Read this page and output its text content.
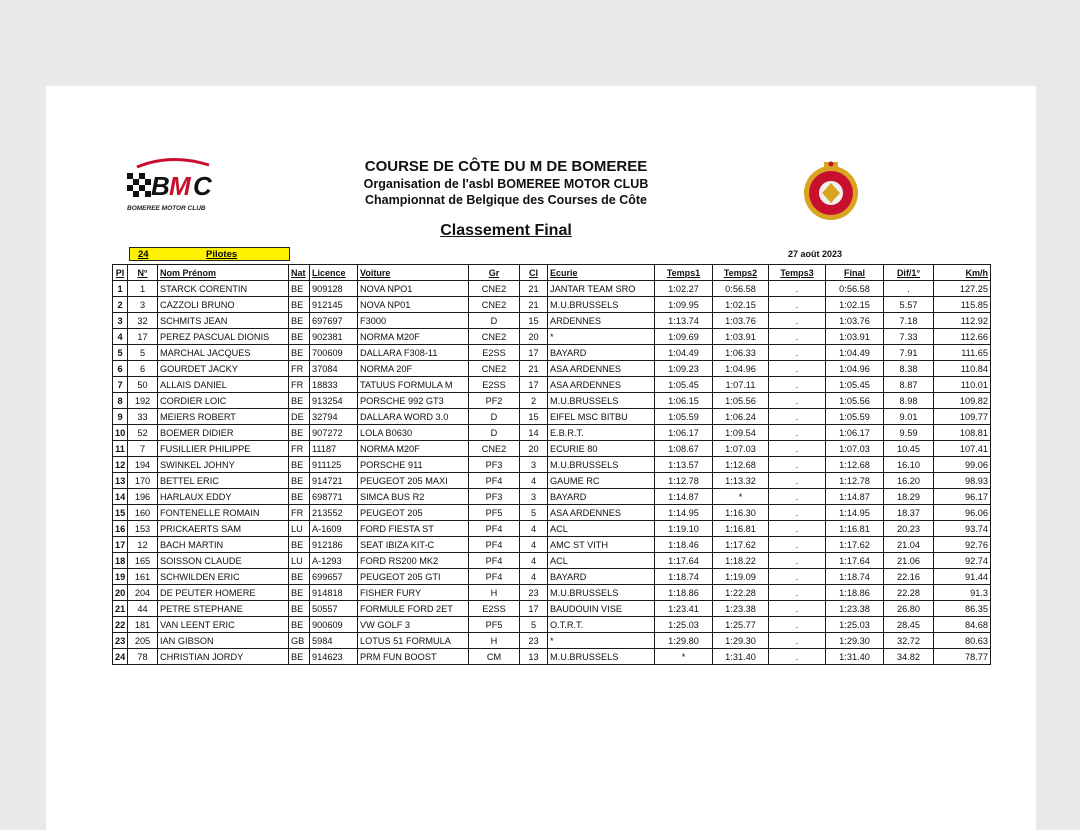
B M C
BOMEREE MOTOR CLUB
COURSE DE CÔTE DU M DE BOMEREE
Organisation de l'asbl BOMEREE MOTOR CLUB
Championnat de Belgique des Courses de Côte
Classement Final
24	Pilotes	27 août 2023
Pl	N°	Nom Prénom	Nat	Licence	Voiture	Gr	Cl	Ecurie	Temps1	Temps2	Temps3	Final	Dif/1°	Km/h
1	1	STARCK CORENTIN	BE	909128	NOVA NPO1	CNE2	21	JANTAR TEAM SRO	1:02.27	0:56.58	.	0:56.58	.	127.25
2	3	CAZZOLI BRUNO	BE	912145	NOVA NP01	CNE2	21	M.U.BRUSSELS	1:09.95	1:02.15	.	1:02.15	5.57	115.85
3	32	SCHMITS JEAN	BE	697697	F3000	D	15	ARDENNES	1:13.74	1:03.76	.	1:03.76	7.18	112.92
4	17	PEREZ PASCUAL DIONIS	BE	902381	NORMA M20F	CNE2	20	*	1:09.69	1:03.91	.	1:03.91	7.33	112.66
5	5	MARCHAL JACQUES	BE	700609	DALLARA F308-11	E2SS	17	BAYARD	1:04.49	1:06.33	.	1:04.49	7.91	111.65
6	6	GOURDET JACKY	FR	37084	NORMA 20F	CNE2	21	ASA ARDENNES	1:09.23	1:04.96	.	1:04.96	8.38	110.84
7	50	ALLAIS DANIEL	FR	18833	TATUUS FORMULA M	E2SS	17	ASA ARDENNES	1:05.45	1:07.11	.	1:05.45	8.87	110.01
8	192	CORDIER LOIC	BE	913254	PORSCHE 992 GT3	PF2	2	M.U.BRUSSELS	1:06.15	1:05.56	.	1:05.56	8.98	109.82
9	33	MEIERS ROBERT	DE	32794	DALLARA WORD 3.0	D	15	EIFEL MSC BITBU	1:05.59	1:06.24	.	1:05.59	9.01	109.77
10	52	BOEMER DIDIER	BE	907272	LOLA B0630	D	14	E.B.R.T.	1:06.17	1:09.54	.	1:06.17	9.59	108.81
11	7	FUSILLIER PHILIPPE	FR	11187	NORMA M20F	CNE2	20	ECURIE 80	1:08.67	1:07.03	.	1:07.03	10.45	107.41
12	194	SWINKEL JOHNY	BE	911125	PORSCHE 911	PF3	3	M.U.BRUSSELS	1:13.57	1:12.68	.	1:12.68	16.10	99.06
13	170	BETTEL ERIC	BE	914721	PEUGEOT 205 MAXI	PF4	4	GAUME RC	1:12.78	1:13.32	.	1:12.78	16.20	98.93
14	196	HARLAUX EDDY	BE	698771	SIMCA BUS R2	PF3	3	BAYARD	1:14.87	*	.	1:14.87	18.29	96.17
15	160	FONTENELLE ROMAIN	FR	213552	PEUGEOT 205	PF5	5	ASA ARDENNES	1:14.95	1:16.30	.	1:14.95	18.37	96.06
16	153	PRICKAERTS SAM	LU	A-1609	FORD FIESTA ST	PF4	4	ACL	1:19.10	1:16.81	.	1:16.81	20.23	93.74
17	12	BACH MARTIN	BE	912186	SEAT IBIZA KIT-C	PF4	4	AMC ST VITH	1:18.46	1:17.62	.	1:17.62	21.04	92.76
18	165	SOISSON CLAUDE	LU	A-1293	FORD RS200 MK2	PF4	4	ACL	1:17.64	1:18.22	.	1:17.64	21.06	92.74
19	161	SCHWILDEN ERIC	BE	699657	PEUGEOT 205 GTI	PF4	4	BAYARD	1:18.74	1:19.09	.	1:18.74	22.16	91.44
20	204	DE PEUTER HOMERE	BE	914818	FISHER FURY	H	23	M.U.BRUSSELS	1:18.86	1:22.28	.	1:18.86	22.28	91.3
21	44	PETRE STEPHANE	BE	50557	FORMULE FORD 2ET	E2SS	17	BAUDOUIN VISE	1:23.41	1:23.38	.	1:23.38	26.80	86.35
22	181	VAN LEENT ERIC	BE	900609	VW GOLF 3	PF5	5	O.T.R.T.	1:25.03	1:25.77	.	1:25.03	28.45	84.68
23	205	IAN GIBSON	GB	5984	LOTUS 51 FORMULA	H	23	*	1:29.80	1:29.30	.	1:29.30	32.72	80.63
24	78	CHRISTIAN JORDY	BE	914623	PRM FUN BOOST	CM	13	M.U.BRUSSELS	*	1:31.40	.	1:31.40	34.82	78.77
